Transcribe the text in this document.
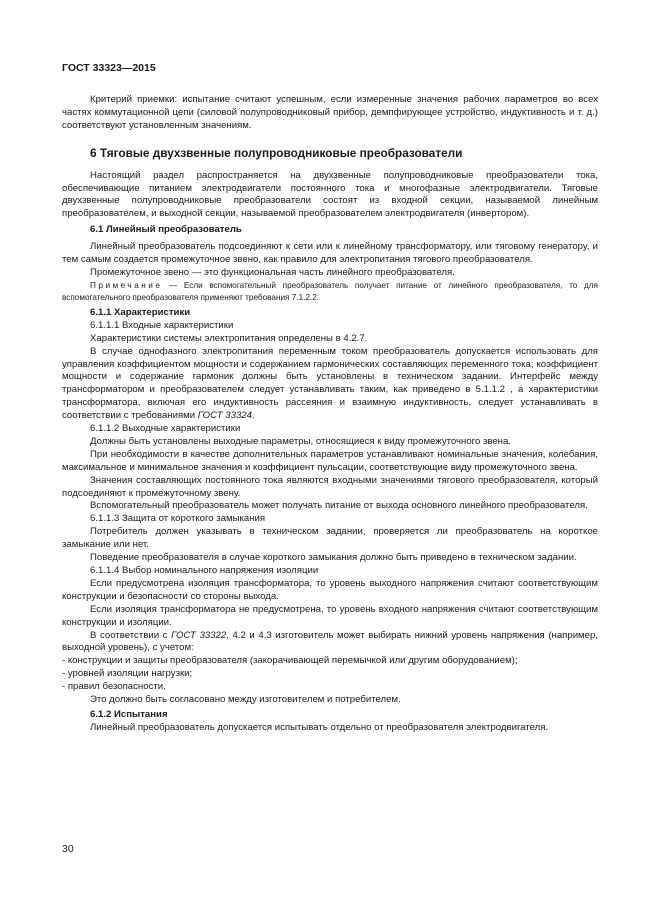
ГОСТ 33323—2015

Критерий приемки: испытание считают успешным, если измеренные значения рабочих параметров во всех частях коммутационной цепи (силовой полупроводниковый прибор, демпфирующее устройство, индуктивность и т. д.) соответствуют установленным значениям.

6 Тяговые двухзвенные полупроводниковые преобразователи

Настоящий раздел распространяется на двухзвенные полупроводниковые преобразователи тока, обеспечивающие питанием электродвигатели постоянного тока и многофазные электродвигатели. Тяговые двухзвенные полупроводниковые преобразователи состоят из входной секции, называемой линейным преобразователем, и выходной секции, называемой преобразователем электродвигателя (инвертором).

6.1 Линейный преобразователь

Линейный преобразователь подсоединяют к сети или к линейному трансформатору, или тяговому генератору, и тем самым создается промежуточное звено, как правило для электропитания тягового преобразователя.

Промежуточное звено — это функциональная часть линейного преобразователя.

Примечание — Если вспомогательный преобразователь получает питание от линейного преобразователя, то для вспомогательного преобразователя применяют требования 7.1.2.2.

6.1.1 Характеристики
6.1.1.1 Входные характеристики

Характеристики системы электропитания определены в 4.2.7.

В случае однофазного электропитания переменным током преобразователь допускается использовать для управления коэффициентом мощности и содержанием гармонических составляющих переменного тока; коэффициент мощности и содержание гармоник должны быть установлены в техническом задании. Интерфейс между трансформатором и преобразователем следует устанавливать таким, как приведено в 5.1.1.2 , а характеристики трансформатора, включая его индуктивность рассеяния и взаимную индуктивность, следует устанавливать в соответствии с требованиями ГОСТ 33324.

6.1.1.2 Выходные характеристики

Должны быть установлены выходные параметры, относящиеся к виду промежуточного звена.

При необходимости в качестве дополнительных параметров устанавливают номинальные значения, колебания, максимальное и минимальное значения и коэффициент пульсации, соответствующие виду промежуточного звена.

Значения составляющих постоянного тока являются входными значениями тягового преобразователя, который подсоединяют к промежуточному звену.

Вспомогательный преобразователь может получать питание от выхода основного линейного преобразователя.

6.1.1.3 Защита от короткого замыкания

Потребитель должен указывать в техническом задании, проверяется ли преобразователь на короткое замыкание или нет.

Поведение преобразователя в случае короткого замыкания должно быть приведено в техническом задании.

6.1.1.4 Выбор номинального напряжения изоляции

Если предусмотрена изоляция трансформатора, то уровень выходного напряжения считают соответствующим конструкции и безопасности со стороны выхода.

Если изоляция трансформатора не предусмотрена, то уровень входного напряжения считают соответствующим конструкции и изоляции.

В соответствии с ГОСТ 33322, 4.2 и 4.3 изготовитель может выбирать нижний уровень напряжения (например, выходной уровень), с учетом:

- конструкции и защиты преобразователя (закорачивающей перемычкой или другим оборудованием);

- уровней изоляции нагрузки;

- правил безопасности.

Это должно быть согласовано между изготовителем и потребителем.

6.1.2 Испытания

Линейный преобразователь допускается испытывать отдельно от преобразователя электродвигателя.

30
